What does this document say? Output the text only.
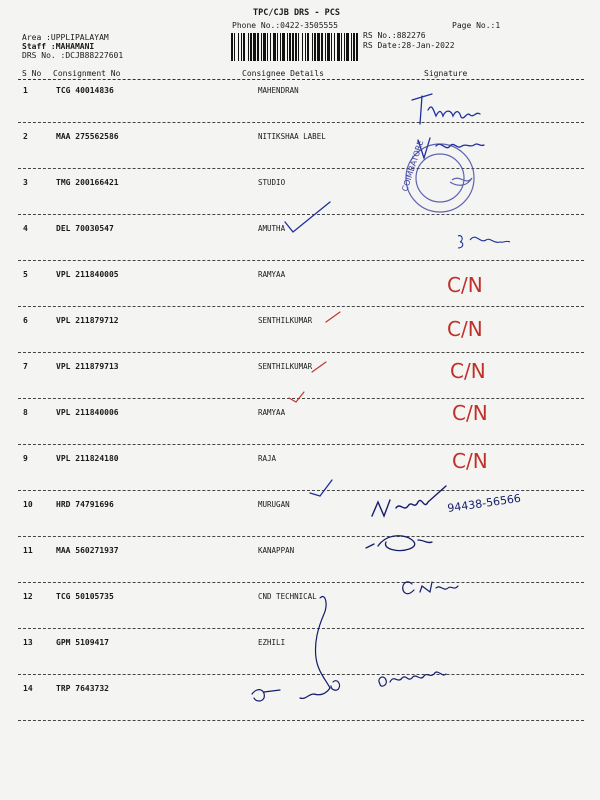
TPC/CJB DRS - PCS
Phone No.:0422-3505555	Page No.:1
Area :UPPLIPALAYAM
Staff :MAHAMANI
DRS No. :DCJB88227601
RS No.:882276
RS Date:28-Jan-2022
S No Consignment No	Consignee Details	Signature
1	TCG 40014836	MAHENDRAN
2	MAA 275562586	NITIKSHAA LABEL
3	TMG 200166421	STUDIO
4	DEL 70030547	AMUTHA
5	VPL 211840005	RAMYAA
6	VPL 211879712	SENTHILKUMAR
7	VPL 211879713	SENTHILKUMAR
8	VPL 211840006	RAMYAA
9	VPL 211824180	RAJA
10	HRD 74791696	MURUGAN
11	MAA 560271937	KANAPPAN
12	TCG 50105735	CND TECHNICAL
13	GPM 5109417	EZHILI
14	TRP 7643732
COIMBATORE
C/N
C/N
C/N
C/N
C/N
94438-56566
